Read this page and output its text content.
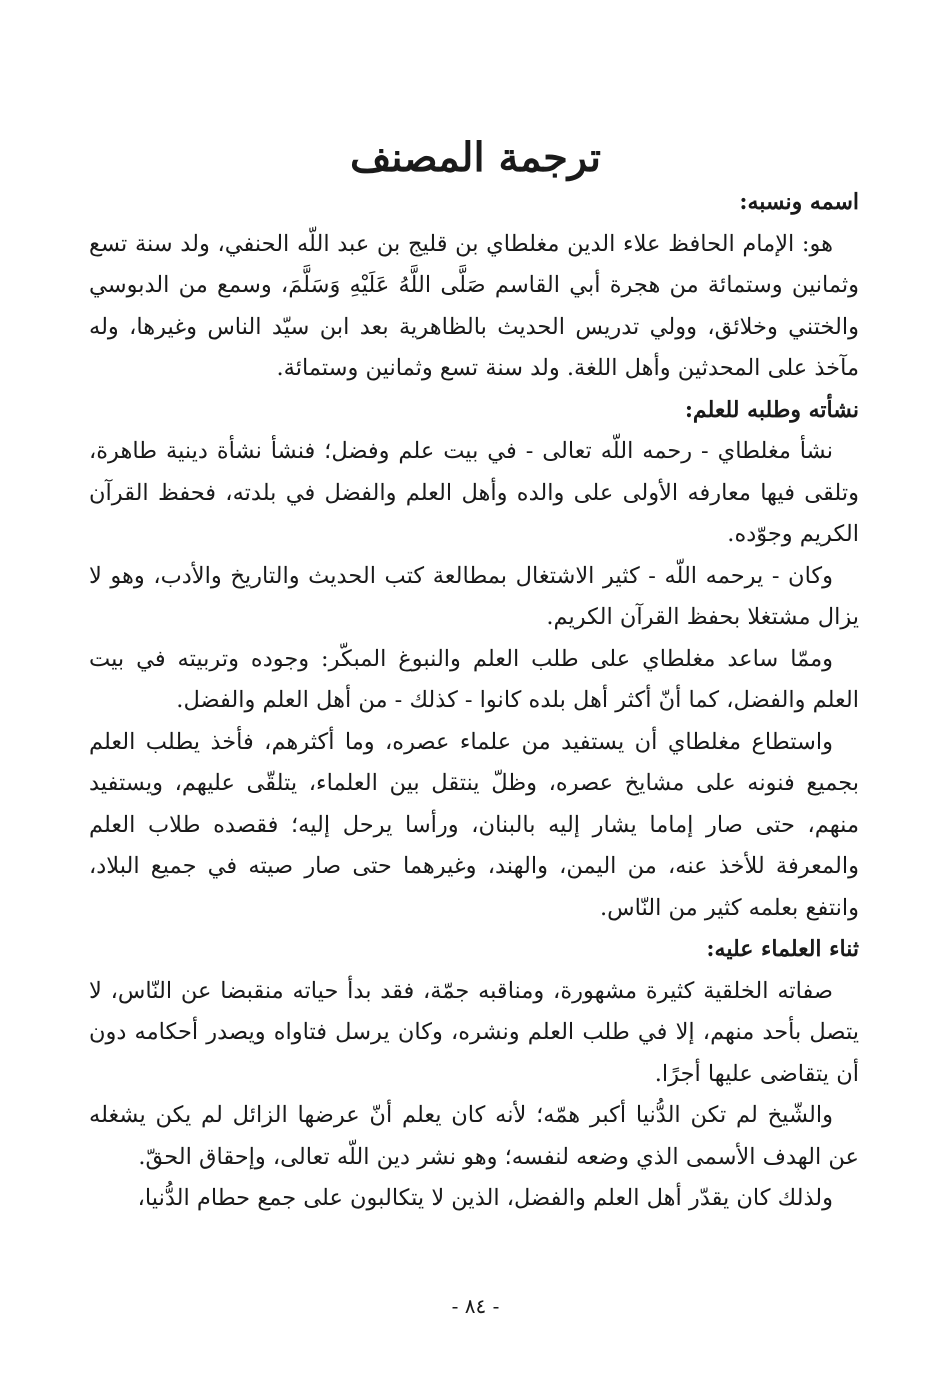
ترجمة المصنف
اسمه ونسبه:

هو: الإمام الحافظ علاء الدين مغلطاي بن قليج بن عبد اللّه الحنفي، ولد سنة تسع وثمانين وستمائة من هجرة أبي القاسم صَلَّى اللَّهُ عَلَيْهِ وَسَلَّمَ، وسمع من الدبوسي والختني وخلائق، وولي تدريس الحديث بالظاهرية بعد ابن سيّد الناس وغيرها، وله مآخذ على المحدثين وأهل اللغة. ولد سنة تسع وثمانين وستمائة.

نشأته وطلبه للعلم:

نشأ مغلطاي - رحمه اللّه تعالى - في بيت علم وفضل؛ فنشأ نشأة دينية طاهرة، وتلقى فيها معارفه الأولى على والده وأهل العلم والفضل في بلدته، فحفظ القرآن الكريم وجوّده.

وكان - يرحمه اللّه - كثير الاشتغال بمطالعة كتب الحديث والتاريخ والأدب، وهو لا يزال مشتغلا بحفظ القرآن الكريم.

وممّا ساعد مغلطاي على طلب العلم والنبوغ المبكّر: وجوده وتربيته في بيت العلم والفضل، كما أنّ أكثر أهل بلده كانوا - كذلك - من أهل العلم والفضل.

واستطاع مغلطاي أن يستفيد من علماء عصره، وما أكثرهم، فأخذ يطلب العلم بجميع فنونه على مشايخ عصره، وظلّ ينتقل بين العلماء، يتلقّى عليهم، ويستفيد منهم، حتى صار إماما يشار إليه بالبنان، ورأسا يرحل إليه؛ فقصده طلاب العلم والمعرفة للأخذ عنه، من اليمن، والهند، وغيرهما حتى صار صيته في جميع البلاد، وانتفع بعلمه كثير من النّاس.

ثناء العلماء عليه:

صفاته الخلقية كثيرة مشهورة، ومناقبه جمّة، فقد بدأ حياته منقبضا عن النّاس، لا يتصل بأحد منهم، إلا في طلب العلم ونشره، وكان يرسل فتاواه ويصدر أحكامه دون أن يتقاضى عليها أجرًا.

والشّيخ لم تكن الدُّنيا أكبر همّه؛ لأنه كان يعلم أنّ عرضها الزائل لم يكن يشغله عن الهدف الأسمى الذي وضعه لنفسه؛ وهو نشر دين اللّه تعالى، وإحقاق الحقّ.

ولذلك كان يقدّر أهل العلم والفضل، الذين لا يتكالبون على جمع حطام الدُّنيا،

- ٨٤ -
